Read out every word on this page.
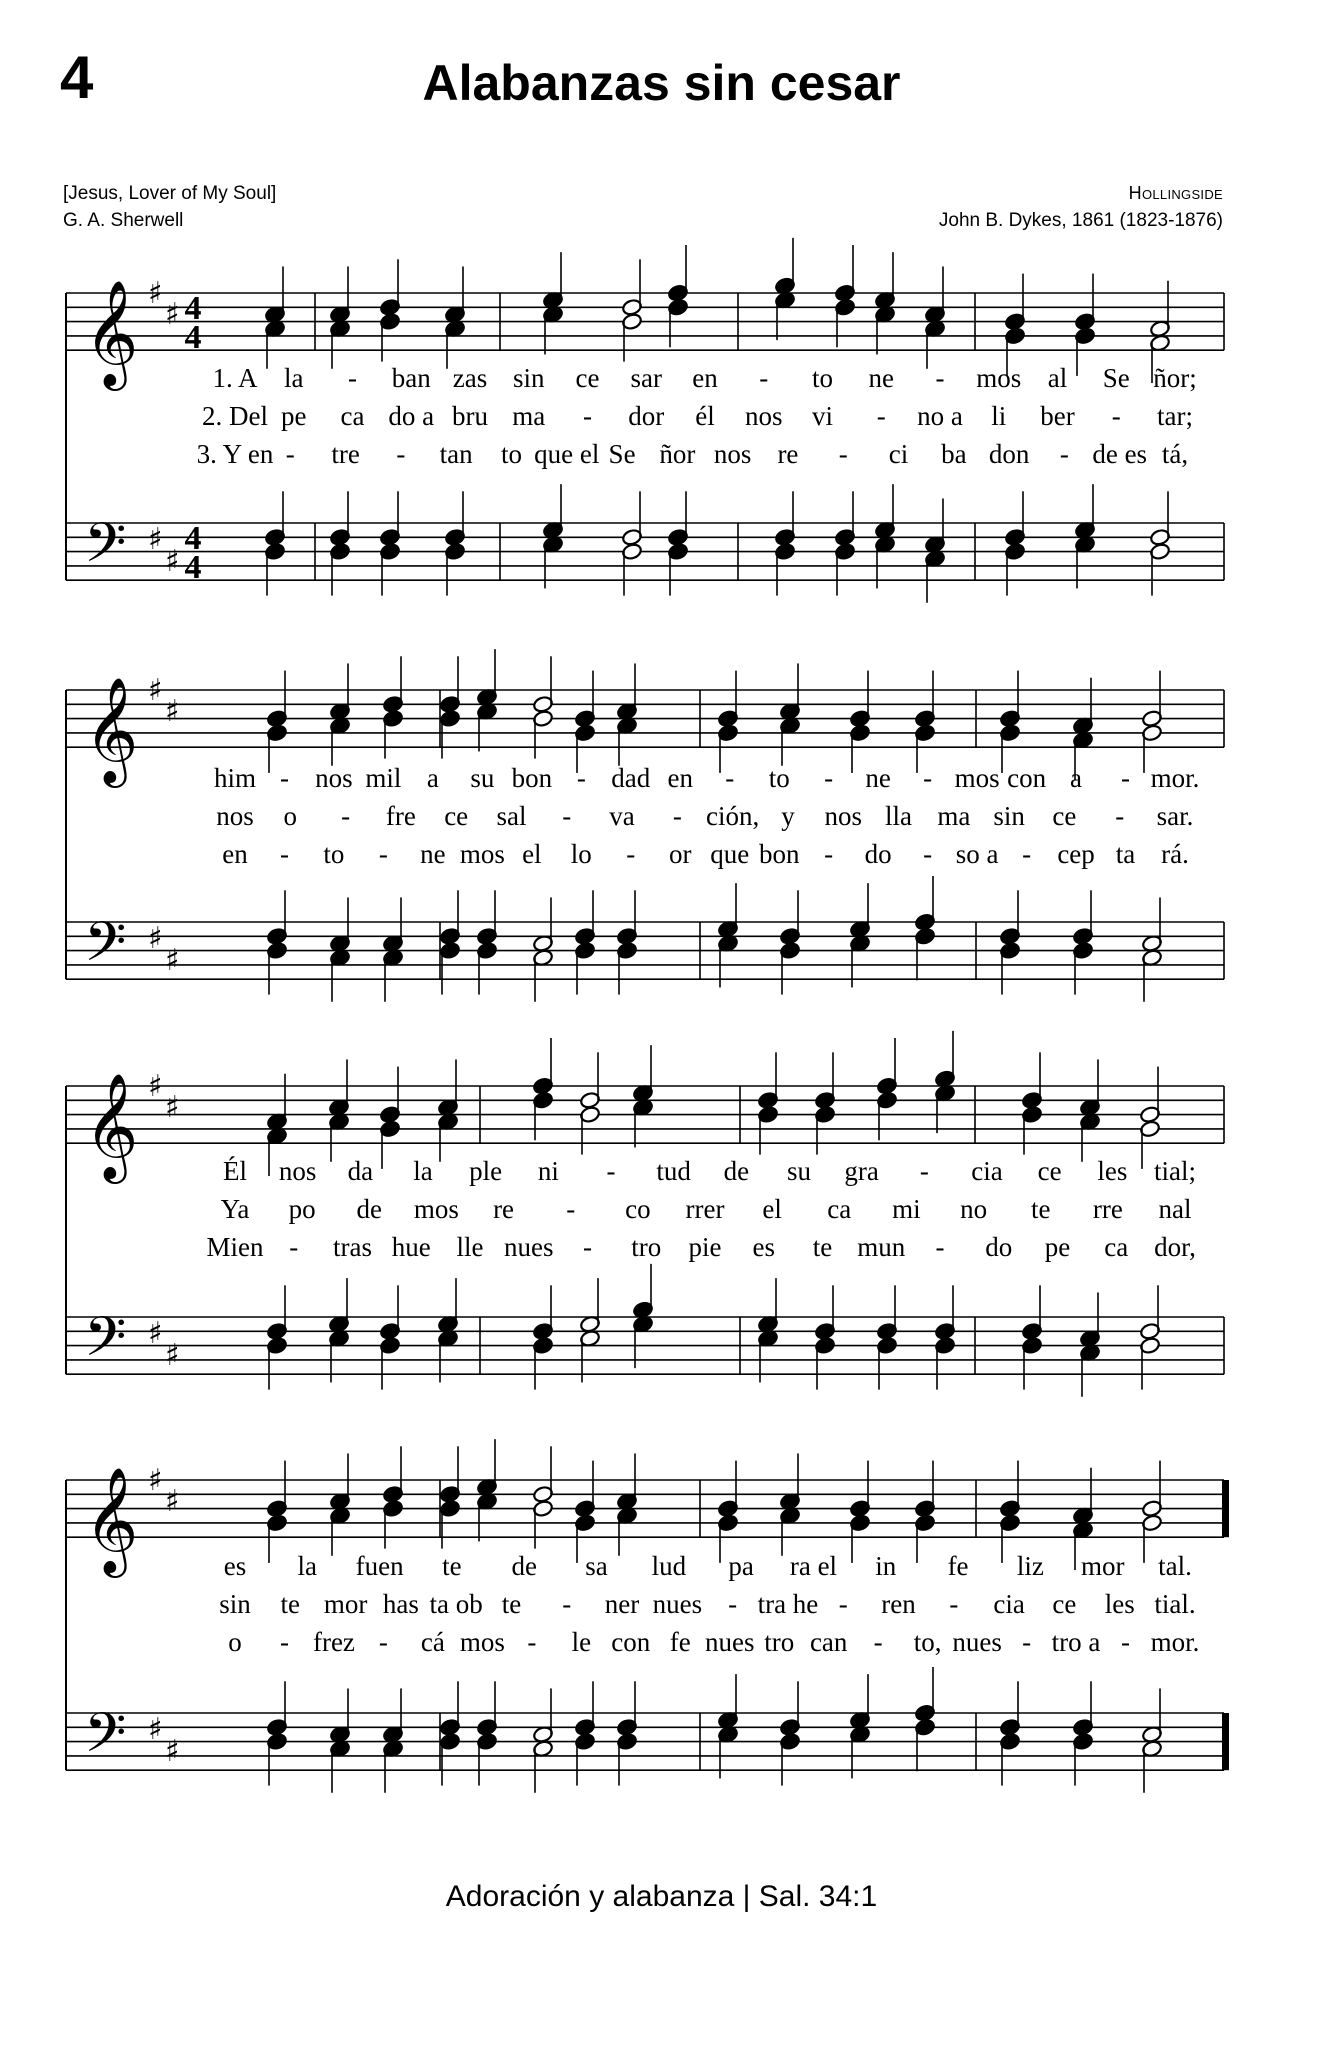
4	Alabanzas sin cesar
[Jesus, Lover of My Soul]
G. A. Sherwell
Hollingside
John B. Dykes, 1861 (1823-1876)
𝄞
𝄢
♯
♯
♯
♯
4
4
4
4
𝄞
𝄢
♯
♯
♯
♯
𝄞
𝄢
♯
♯
♯
♯
𝄞
𝄢
♯
♯
♯
♯
1. A la - ban zas sin ce sar en - to ne - mos al Se ñor;
2. Del pe ca do a bru ma - dor él nos vi - no a li ber - tar;
3. Y en - tre - tan to que el Se ñor nos re - ci ba don - de es tá,
him - nos mil a su bon - dad en - to - ne - mos con a - mor.
nos o - fre ce sal - va - ción, y nos lla ma sin ce - sar.
en - to - ne mos el lo - or que bon - do - so a - cep ta rá.
Él nos da la ple ni - tud de su gra - cia ce les tial;
Ya po de mos re - co rrer el ca mi no te rre nal
Mien - tras hue lle nues - tro pie es te mun - do pe ca dor,
es la fuen te de sa lud pa ra el in fe liz mor tal.
sin te mor has ta ob te - ner nues - tra he - ren - cia ce les tial.
o - frez - cá mos - le con fe nues tro can - to, nues - tro a - mor.
Adoración y alabanza | Sal. 34:1
